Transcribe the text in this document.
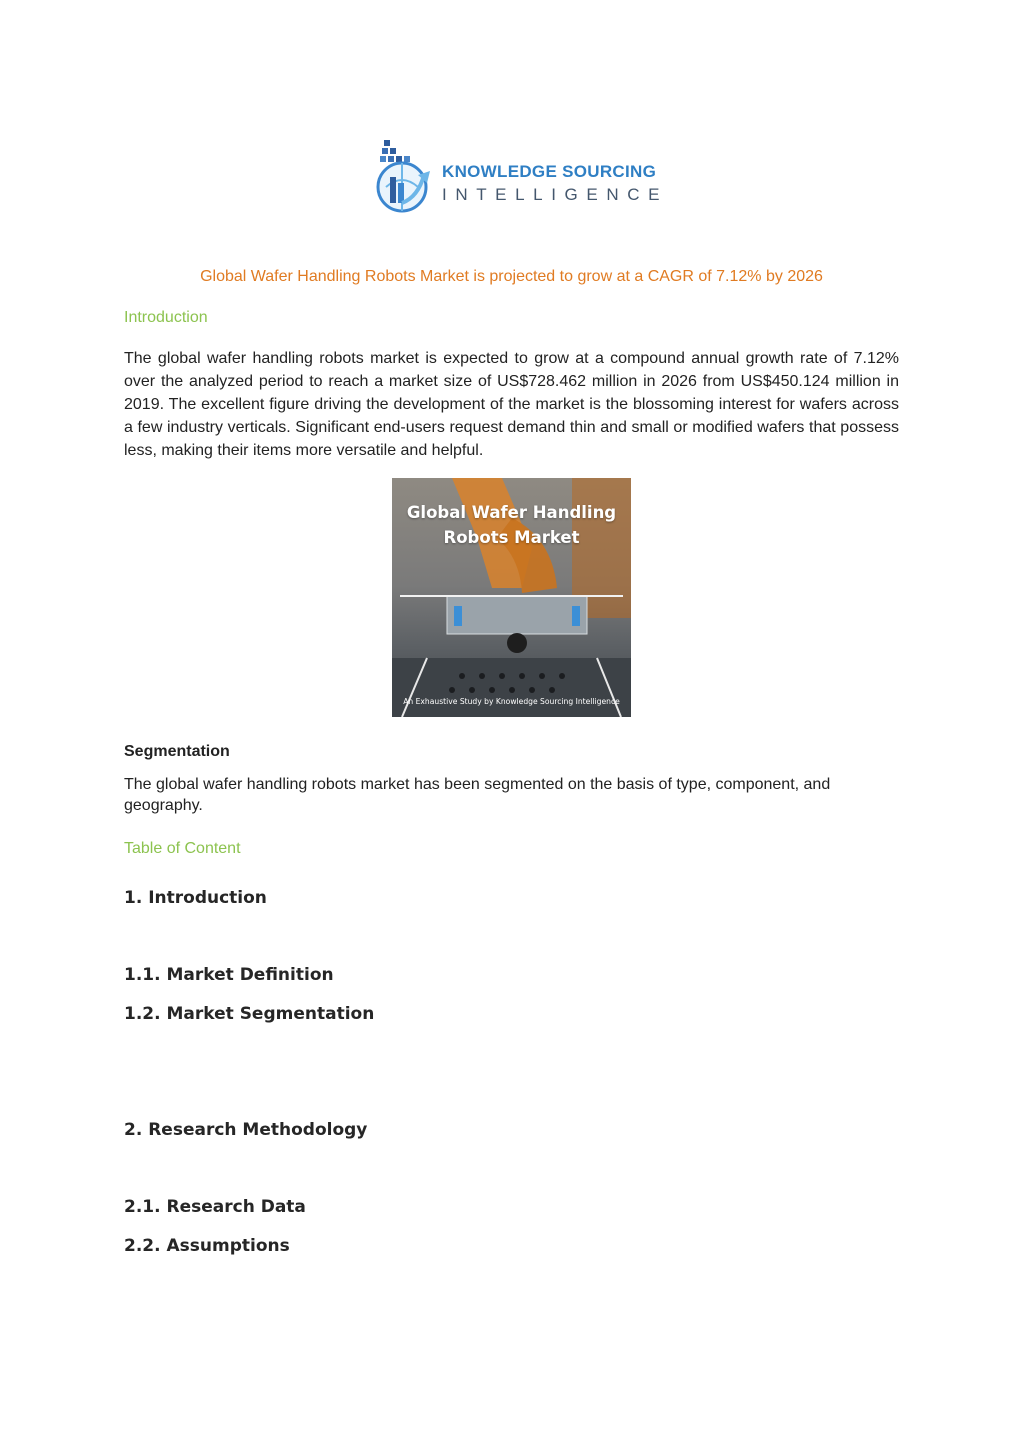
KNOWLEDGE SOURCING
INTELLIGENCE
Global Wafer Handling Robots Market is projected to grow at a CAGR of 7.12% by 2026
Introduction
The global wafer handling robots market is expected to grow at a compound annual growth rate of 7.12% over the analyzed period to reach a market size of US$728.462 million in 2026 from US$450.124 million in 2019. The excellent figure driving the development of the market is the blossoming interest for wafers across a few industry verticals. Significant end-users request demand thin and small or modified wafers that possess less, making their items more versatile and helpful.
Global Wafer Handling
Robots Market
An Exhaustive Study by Knowledge Sourcing Intelligence
Segmentation
The global wafer handling robots market has been segmented on the basis of type, component, and geography.
Table of Content
1. Introduction
1.1. Market Definition
1.2. Market Segmentation
2. Research Methodology
2.1. Research Data
2.2. Assumptions
